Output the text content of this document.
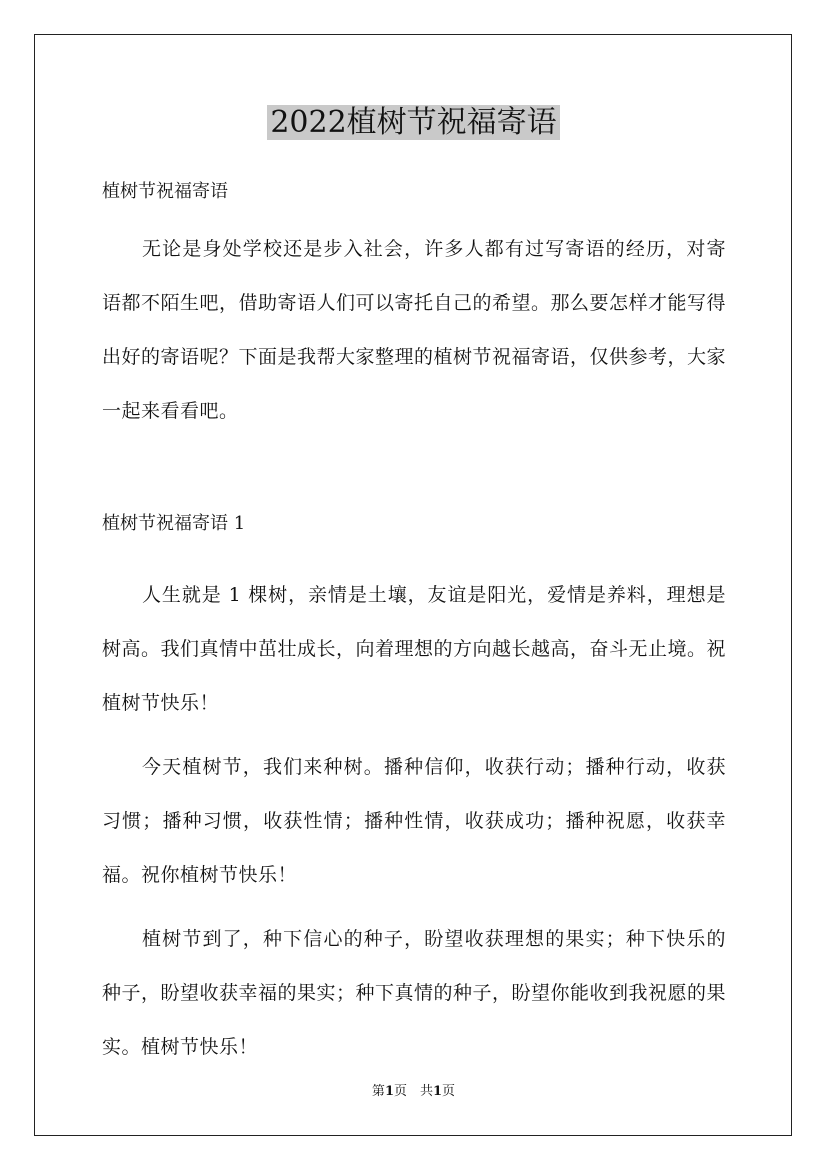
2022植树节祝福寄语

植树节祝福寄语

无论是身处学校还是步入社会，许多人都有过写寄语的经历，对寄语都不陌生吧，借助寄语人们可以寄托自己的希望。那么要怎样才能写得出好的寄语呢？下面是我帮大家整理的植树节祝福寄语，仅供参考，大家一起来看看吧。

植树节祝福寄语 1

人生就是 1 棵树，亲情是土壤，友谊是阳光，爱情是养料，理想是树高。我们真情中茁壮成长，向着理想的方向越长越高，奋斗无止境。祝植树节快乐！

今天植树节，我们来种树。播种信仰，收获行动；播种行动，收获习惯；播种习惯，收获性情；播种性情，收获成功；播种祝愿，收获幸福。祝你植树节快乐！

植树节到了，种下信心的种子，盼望收获理想的果实；种下快乐的种子，盼望收获幸福的果实；种下真情的种子，盼望你能收到我祝愿的果实。植树节快乐！

第1页　共1页
